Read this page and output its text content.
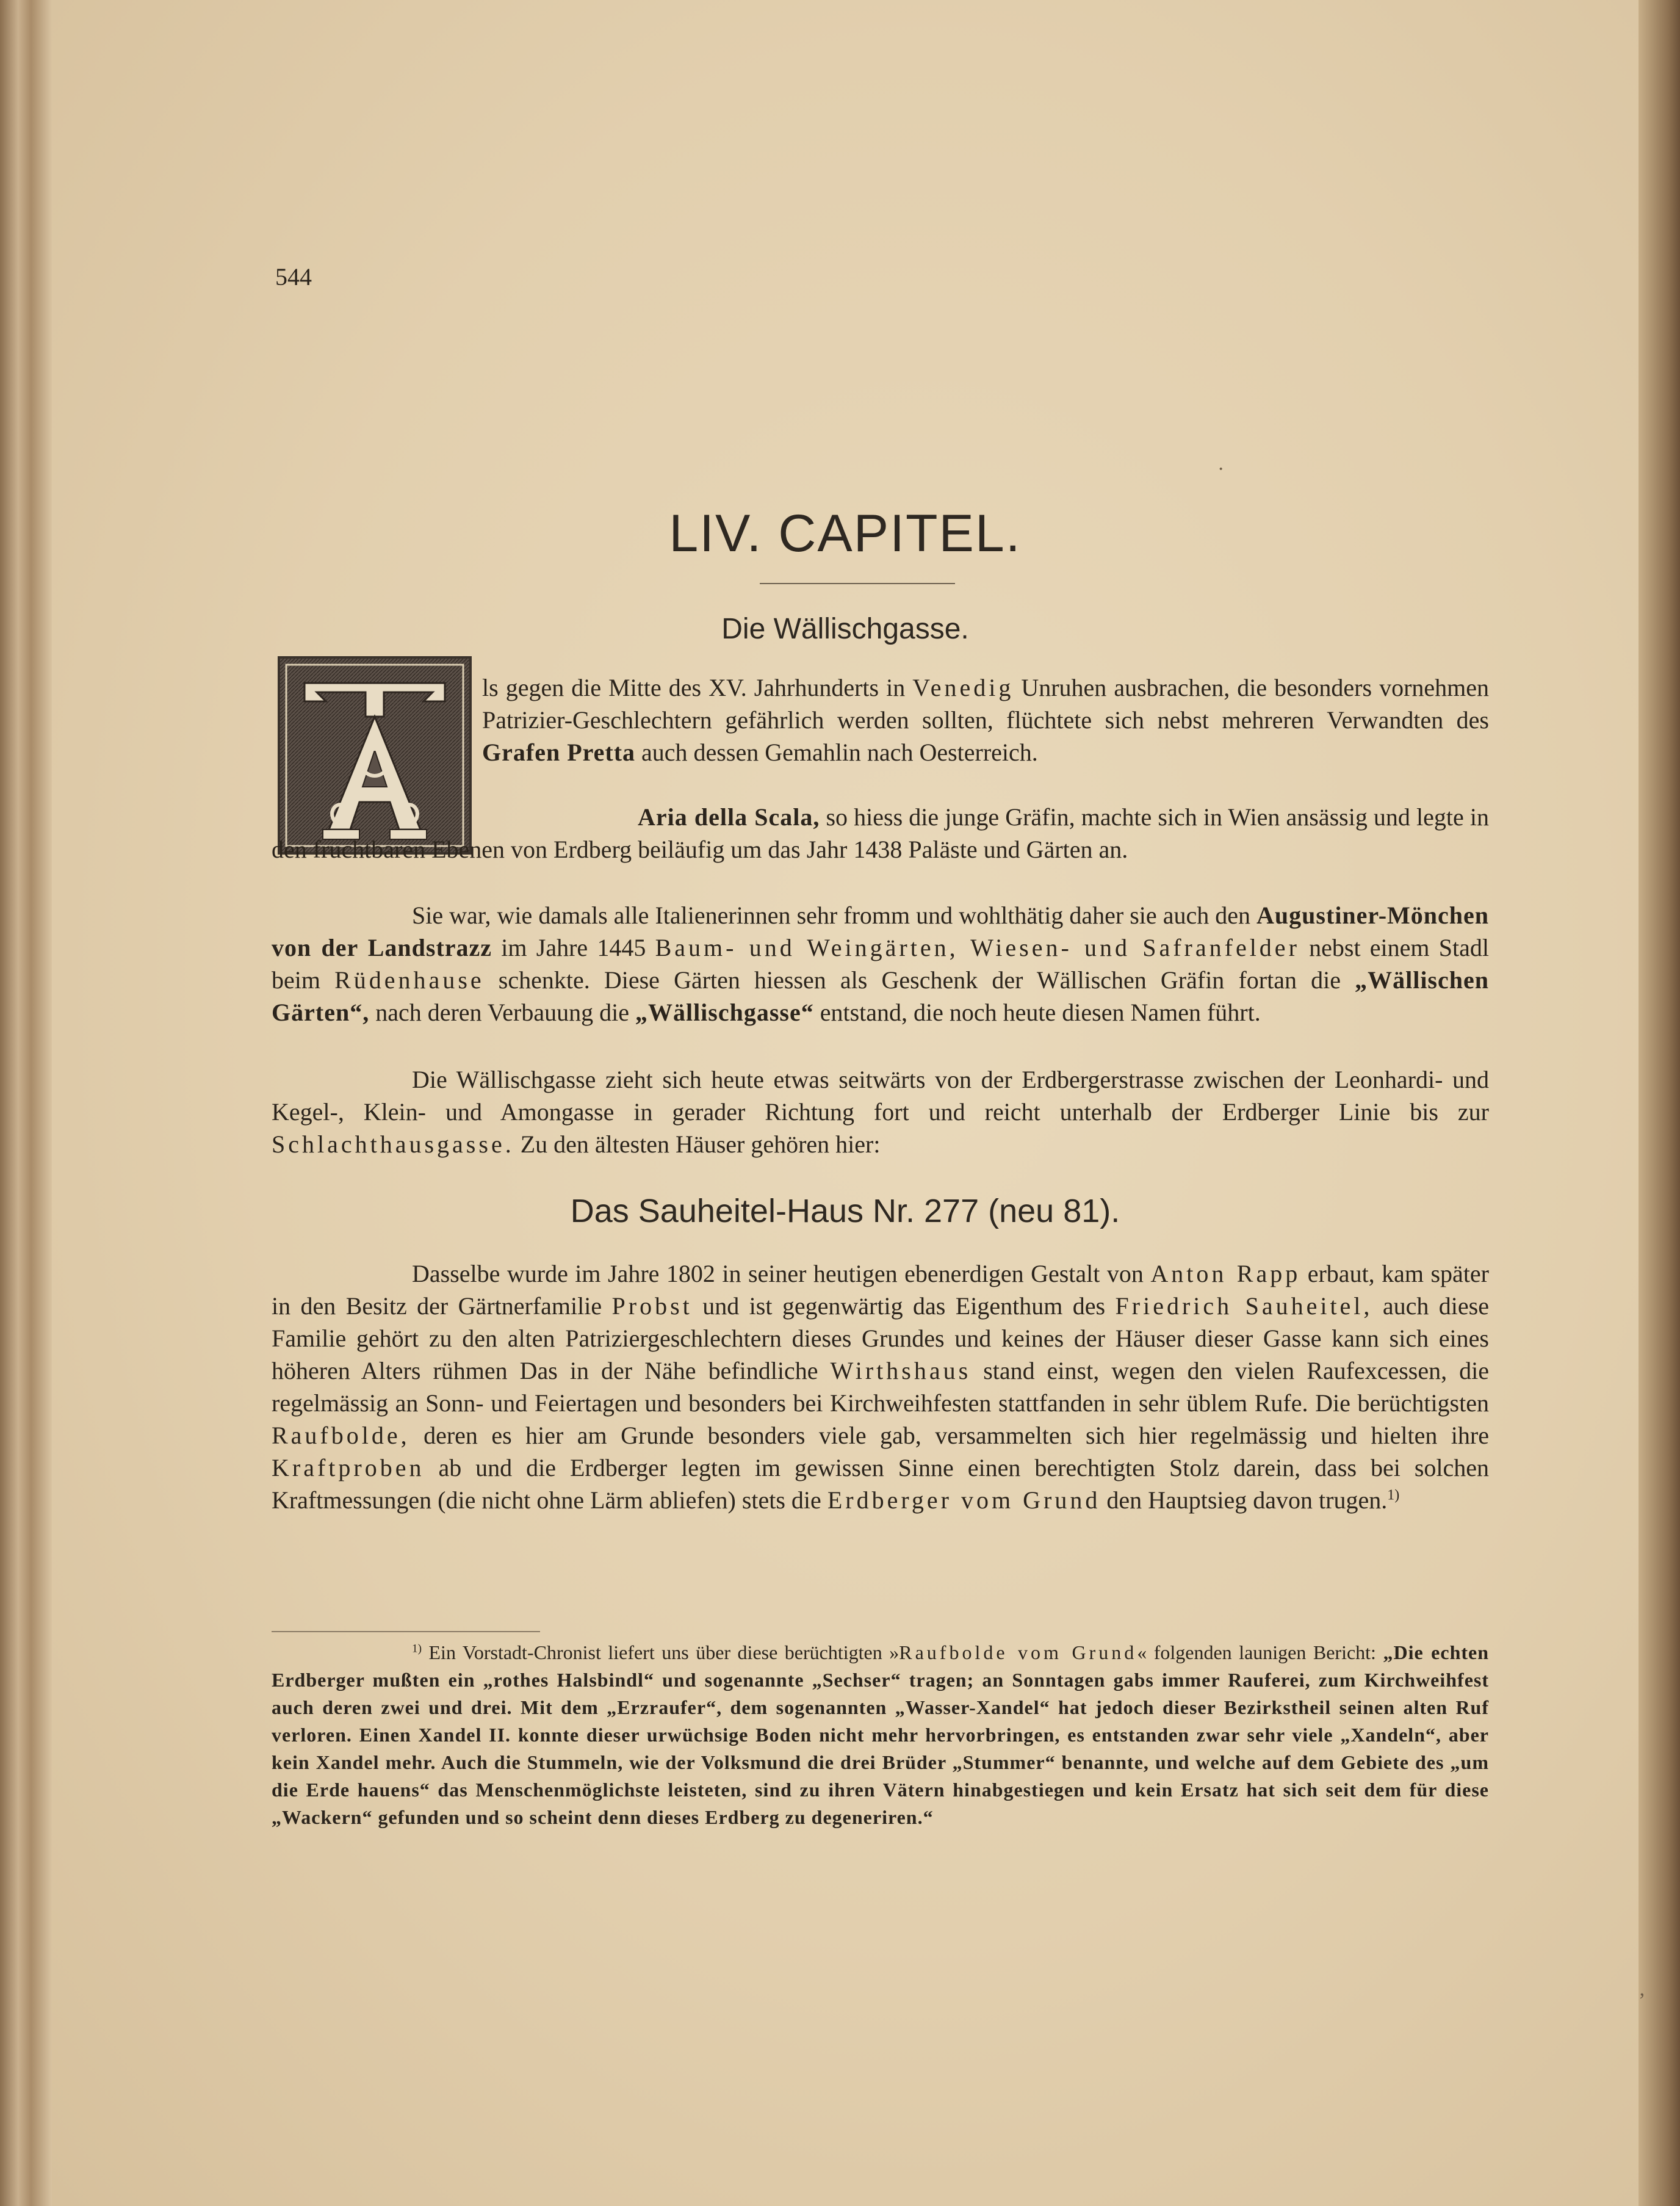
544
LIV. CAPITEL.
Die Wällischgasse.

ls gegen die Mitte des XV. Jahrhunderts in Venedig Unruhen ausbrachen, die besonders vornehmen Patrizier-Geschlechtern gefährlich werden sollten, flüchtete sich nebst mehreren Verwandten des Grafen Pretta auch dessen Gemahlin nach Oesterreich.

Aria della Scala, so hiess die junge Gräfin, machte sich in Wien ansässig und legte in den fruchtbaren Ebenen von Erdberg beiläufig um das Jahr 1438 Paläste und Gärten an.

Sie war, wie damals alle Italienerinnen sehr fromm und wohlthätig daher sie auch den Augustiner-Mönchen von der Landstrazz im Jahre 1445 Baum- und Weingärten, Wiesen- und Safranfelder nebst einem Stadl beim Rüdenhause schenkte. Diese Gärten hiessen als Geschenk der Wällischen Gräfin fortan die „Wällischen Gärten“, nach deren Verbauung die „Wällischgasse“ entstand, die noch heute diesen Namen führt.

Die Wällischgasse zieht sich heute etwas seitwärts von der Erdbergerstrasse zwischen der Leonhardi- und Kegel-, Klein- und Amongasse in gerader Richtung fort und reicht unterhalb der Erdberger Linie bis zur Schlachthausgasse. Zu den ältesten Häuser gehören hier:

Das Sauheitel-Haus Nr. 277 (neu 81).

Dasselbe wurde im Jahre 1802 in seiner heutigen ebenerdigen Gestalt von Anton Rapp erbaut, kam später in den Besitz der Gärtnerfamilie Probst und ist gegenwärtig das Eigenthum des Friedrich Sauheitel, auch diese Familie gehört zu den alten Patriziergeschlechtern dieses Grundes und keines der Häuser dieser Gasse kann sich eines höheren Alters rühmen Das in der Nähe befindliche Wirthshaus stand einst, wegen den vielen Raufexcessen, die regelmässig an Sonn- und Feiertagen und besonders bei Kirchweihfesten stattfanden in sehr üblem Rufe. Die berüchtigsten Raufbolde, deren es hier am Grunde besonders viele gab, versammelten sich hier regelmässig und hielten ihre Kraftproben ab und die Erdberger legten im gewissen Sinne einen berechtigten Stolz darein, dass bei solchen Kraftmessungen (die nicht ohne Lärm abliefen) stets die Erdberger vom Grund den Hauptsieg davon trugen.$^{1)}$

$^{1)}$ Ein Vorstadt-Chronist liefert uns über diese berüchtigten »Raufbolde vom Grund« folgenden launigen Bericht: „Die echten Erdberger mußten ein „rothes Halsbindl“ und sogenannte „Sechser“ tragen; an Sonntagen gabs immer Rauferei, zum Kirchweihfest auch deren zwei und drei. Mit dem „Erzraufer“, dem sogenannten „Wasser-Xandel“ hat jedoch dieser Bezirkstheil seinen alten Ruf verloren. Einen Xandel II. konnte dieser urwüchsige Boden nicht mehr hervorbringen, es entstanden zwar sehr viele „Xandeln“, aber kein Xandel mehr. Auch die Stummeln, wie der Volksmund die drei Brüder „Stummer“ benannte, und welche auf dem Gebiete des „um die Erde hauens“ das Menschenmöglichste leisteten, sind zu ihren Vätern hinabgestiegen und kein Ersatz hat sich seit dem für diese „Wackern“ gefunden und so scheint denn dieses Erdberg zu degeneriren.“

·
‚
